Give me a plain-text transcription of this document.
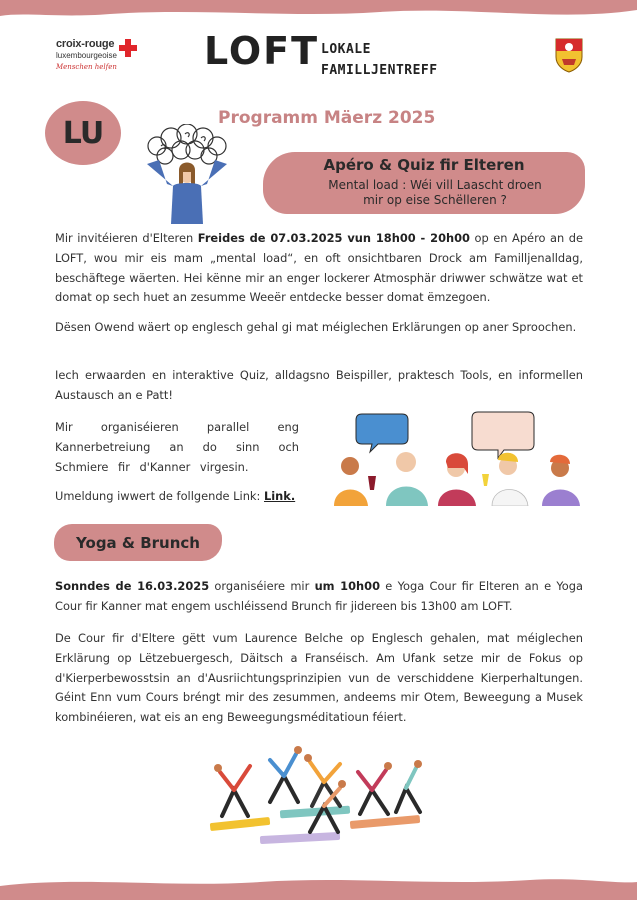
croix-rouge
luxembourgeoise
Menschen helfen LOFT LOKALE
FAMILLJENTREFF
LU	Programm Mäerz 2025
Apéro & Quiz fir Elteren
Mental load : Wéi vill Laascht droen
mir op eise Schëlleren ?
Mir invitéieren d'Elteren Freides de 07.03.2025 vun 18h00 - 20h00 op en Apéro an de LOFT, wou mir eis mam „mental load“, en oft onsichtbaren Drock am Familljenalldag, beschäftege wäerten. Hei kënne mir an enger lockerer Atmosphär driwwer schwätze wat et domat op sech huet an zesumme Weeër entdecke besser domat ëmzegoen.
Dësen Owend wäert op englesch gehal gi mat méiglechen Erklärungen op aner Sproochen.
Iech erwaarden en interaktive Quiz, alldagsno Beispiller, praktesch Tools, en informellen Austausch an e Patt!
Mir organiséieren parallel eng Kannerbetreiung an do sinn och Schmiere fir d'Kanner virgesin.
Umeldung iwwert de follgende Link: Link.
Yoga & Brunch
Sonndes de 16.03.2025 organiséiere mir um 10h00 e Yoga Cour fir Elteren an e Yoga Cour fir Kanner mat engem uschléissend Brunch fir jidereen bis 13h00 am LOFT.
De Cour fir d'Eltere gëtt vum Laurence Belche op Englesch gehalen, mat méiglechen Erklärung op Lëtzebuergesch, Däitsch a Franséisch. Am Ufank setze mir de Fokus op d'Kierperbewosstsin an d'Ausriichtungsprinzipien vun de verschiddene Kierperhaltungen. Géint Enn vum Cours bréngt mir des zesummen, andeems mir Otem, Beweegung a Musek kombinéieren, wat eis an eng Beweegungsméditatioun féiert.
